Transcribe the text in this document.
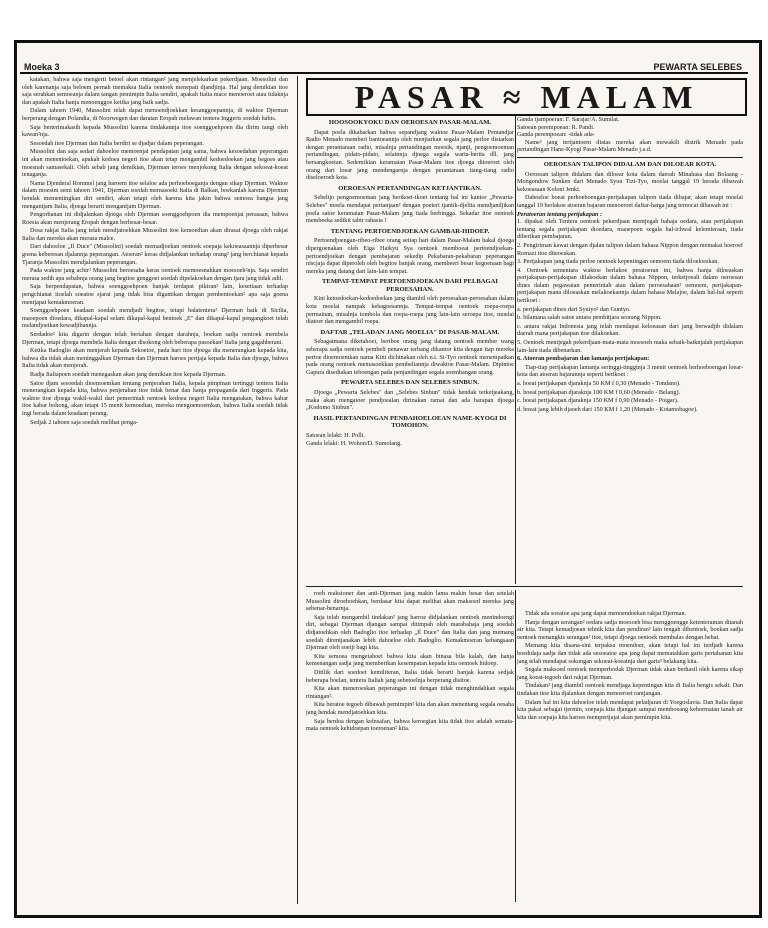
Moeka 3	PEWARTA SELEBES

katakan, bahwa saja mengerti betoel akan rintangan² jang menjelekarkan pekerdjaan. Moesolini dan oleh karenanja saja beloem pernah memaksa Italia oentoek menepati djandjinja. Hal jang demikian itoe saja serahkan semoeanja dalam tangan pemimpin Italia sendiri, apakah Italia mace menoeroet atau tidaknja dan apakah Italia hanja menoenggoe ketika jang baik sadja.

Dalam tahoen 1940, Mussolini telah dapat menoendjoekkan kesanggoepannja, di waktoe Djerman berperang dengan Polandia, di Noorwegen dan daratan Eropah melawan tentera Inggeris soedah habis.

Saja berterimakasih kepada Mussolini karena tindakannja itoe soenggoehpoen dia dirim tangi oleh kawan²nja.

Sesoedah itoe Djerman dan Italia berdiri se djadjar dalam peperangan.

Mussolini dan saja sedari dahoeloe memoenjai pendapatan jang sama, bahwa kesoedahan peperangan ini akan menentoekan, apakah kedoea negeri itoe akan tetap mengambil kedoedoekan jang begoes atau moesnah samasekali. Oleh sebab jang demikian, Djerman teroes menjokong Italia dengan sekoeat-koeat tenaganja.

Nama Djenderal Rommel jang haroem itoe selaloe ada perhoeboeganja dengan sikap Djerman. Waktoe dalam moesim semi tahoen 1941, Djerman soedah memasoeki Italia di Balkan, boekanlah karena Djerman hendak mementingkan diri sendiri, akan tetapi oleh karena kita jakin bahwa semoea bangsa jang mengantjam Italia, djoega berarti mengantjam Djerman.

Pengorbanan ini didjalankan djoega oleh Djerman soenggoehpoen dia mempoenjai perasaan, bahwa Roesia akan menjerang Eropah dengan berbesar-besar.

Dosa rakjat Italia jang telah mendjatoehkan Mussolini itoe kemoedian akan dirasai djoega oleh rakjat Italia dan mereka akan merasa malce.

Dari dahoeloe „Il Duce" (Mussolini) soedah memadjoekan oentoek soepaja kekoeasaannja diperbesar goena keberesan djalannja peperangan. Atoeran² keras didjalankan terhadap orang² jang berchianat kepada Tjaranja Mussolini mendjalankan peperangan.

Pada waktoe jang achir² Mussolini beroesaha keras oentoek memoesnahkan moesoeh²nja. Saja sendiri merasa sedih apa sebabnja orang jang begitoe genggoei soedah dipelakoekan dengan tjara jang tidak adil.

Saja berpendapatan, bahwa soenggoehpoen banjak terdapat pikiran² lain, kesetiaan terhadap pengchianat itoelah soeatoe sjarat jang tidak bisa digantikan dengan pembentoekan² apa saja goena mentjapai kemakmoeran.

Soenggoehpoen keadaan soedah mendjadi begitoe, tetapi balatentera² Djerman baik di Sicilia, maoepoen dioedara, dikapal-kapal selam dikapal-kapal bentoek „E" dan dikapal-kapal pengangkoet telah melandjoetkan kewadjibannja.

Serdadoe² kita digarin dengan telah bertahan dengan darahnja, boekan sadja oentoek membela Djerman, tetapi djoega membela Italia dengan disokong oleh beberapa pasoekan² Italia jang gagahberani.

Ketika Badoglio akan menjerah kepada Sekoetoe, pada hari itoe djoega dia menerangkan kepada kita, bahwa dia tidak akan meninggalkan Djerman dan Djerman haroes pertjaja kepada Italia dan djoega, bahwa Italia tidak akan menjerah.

Radja Italiapoen soedah menegaskan akan jang demikian itoe kepada Djerman.

Satoe djam sesoedah dioemoemkan tentang penjerahan Italia, kepala pimpinan tertinggi tentera Italia menerangkan kepada kita, bahwa penjerahan itoe tidak benar dan hanja propaganda dari Inggeris. Pada waktoe itoe djoega wakil-wakil dari pemerintah oentoek kedoea negeri Italia mengatakan, bahwa kabar itoe kabar bohong, akan tetapi 15 menit kemoedian, mereka mengoemoemkan, bahwa Italia soedah tidak ingi berada dalam keadaan perang.

Sedjak 2 tahoen saja soedah melihat penga-

PASAR ≈ MALAM
HOOSOOKYOKU DAN OEROESAN PASAR-MALAM.

Dapat poela dikabarkan bahwa sepandjang waktoe Pasar-Malam Pemandjar Radio Menado memberi bantoeannja oleh menjiarkan segala jang perloe disiarkan dengan perantaraan radio, misalnja pertandingan moesik, njanji, pengoemoeman pertandingan, pidato-pidato, selainnja djoega segala warta-berita dll. jang bersangkoetan. Sedemikian keramaian Pasar-Malam itoe djoega ditoeroet oleh orang dari loear jang mendengarnja dengan perantaraan tiang-tiang radio diseloeroeh kota.

OEROESAN PERTANDINGAN KETJANTIKAN.

Sebelijo pengoemoeman jang berikoet-ikoet tentang hal ini kantor „Pewarta-Selebes" moela mendapat pertanjaan² dengan poeteri tjantik-djelita mendjandjikan poela satoe keramaian Pasar-Malam jang tiada berbingga. Sekadar itoe oentoek membeeka sedikit tabir rahasia !

TENTANG PERTOENDJOEKAN GAMBAR-HIDOEP.

Pertoendjoengan-ribeo-ribee orang setiap hari dalam Pasar-Malam bakal djoega dipergoenakan oleh Eiga Haikyu Sya oentoek memboeat pertoendjoekan-pertoendjoekan dengan pembajaran sekedip Pekabaran-pekabaran peperangan niscjaja dapat diperoleh oleh begitoe banjak orang, membeeri besar kegoenaan bagi mereka jang datang dari lain-lain tempat.

TEMPAT-TEMPAT PERTOENDJOEKAN DARI PELBAGAI PEROESAHAN.

Kini ketoedoekan-kedoedoekan jang diambil oleh peroesahan-peroesahan dalam kota moelai nampak kebagoesannja. Tempat-tempat oentoek roepa-roepa permainan, misalnja tombola dan roepa-roepa jang lain-lain seroepa itoe, moelai diatoer dan mengambil roepa.

DAFTAR „TELADAN JANG MOELIA" DI PASAR-MALAM.

Sebagaimana diketahoei, beriboe orang jang datang oentoek member wang seberapa sadja oentoek pembeli penawar terbang dikantor kita dengan tiap mereka pertoe dioemoemkan nama Kini dichinakan oleh n.t. Si-Tyo oentoek menempatkan pada orang oentoek memasoekkan pembeliannja diwaktoe Pasar-Malam. Dipintoe Gapura disediakan teboengan pada penjandingan segala soembangan orang.

PEWARTA SELEBES DAN SELEBES SINBUN.

Djoega „Pewarta Selebes" dan „Selebes Sinbun" tidak hendak terketjeakang, maka akan mengatoer pendjoealan dirinakan ramai dan ada harapan djoega „Kodomo Sinbun".

HASIL PERTANDINGAN PENDAHOELOEAN NAME-KYOGI DI TOMOHON.
Satoean lelaki: H. Polli.
Ganda lelaki: H. Wohon/D. Sumolang.
Ganda tjampoeran: F. Sarajar/A. Sumilat.
Satoean perempoean: R. Pandi.
Ganda perempoean: -tidak ada-

Name² jang tertjantoem diatas mereka akan mewakili distrik Menado pada pertandingan Hane-Kyogi Pasar-Malam Menado j.a.d.

OEROESAN TALIPON DIDALAM DAN DILOEAR KOTA.

Oeroesan talipon didalam dan diloear kota dalam daerah Minahasa dan Bolaang - Mongondow Sunken dari Menado Syuu Tizi-Tyo, moelai tanggal 19 berada dibawah kekoeasaan Koloni Jenki.

Dahoeloe boeat perhoeboengan-perijakapan talipon tiada dibajar, akan tetapi moelai tanggal 19 berlakoe atoeran bajaran menoeroet daftar-harga jang ternocat dibawah ini :

Peratoeran tentang pertjakapan :

1. dipakai oleh Tentera oentoek pekerdjaan mentjegah bahaja oedara, atau perijakapan tentang segala perijakapan dioedara, maoepoen segala hal-ichwal kelemieraan, tiada diberikan pembajaran.

2. Pengiriman kawat dengan djalan talipon dalam bahasa Nippon dengan memakai hoeroef Romazi itoe diteoeskan.

3. Pertjakapan jang tiada perloe oentoek kepentingan oemoem tiada diloeloeskan.

4. Oentoek sementara waktoe berlakoe peratoeran ini, bahwa hanja diloeaskan perijakapan-perijakapan dilakoekan dalam bahasa Nippon, terketjoeali dalam oeroesan dines dalam pegawaian pemerintah atau dalam peroesahaan² oemoem, perijakapan-perijakapan mana diloeaskan melakoekannja dalam bahasa Melajoe, dalam hal-hal seperti berikoet :

a. perijakapan dines dari Syuiyo² dan Guntyo.

b. bilamana salah satoe antara pembitjara seorang Nippon.

c. antara rakjat Indonesia jang telah mendapat keloeasan dari jang berwadjib didalam daerah mana perijakapan itoe dilakoekan.

5. Oentoek mentjegah pekerdjaan-mata-mata moesoeh maka sebaik-baiknjalah perijakapan lain-lain tiada dibenarkan.

6. Atoeran pembajaran dan lamanja pertjakapan:

Tiap-tiap perijakapan lamanja seringgi-tingginja 3 menit oentoek berhoeboengan loear-kota dan atoeran bajarannja seperti berikoet :

a. boeat perijakapan djaraknja 50 KM f 0,30 (Menado - Tondano).

b. boeat perijakapan djaraknja 100 KM f 0,60 (Menado - Belang).

c. boeat perijakapan djaraknja 150 KM f 0,90 (Menado - Poigar).

d. boeat jang lebih djaoeh dari 150 KM f 1,20 (Menado - Kotamobagoe).

roeh reaksioner dan anti-Djerman jang makin lama makin besar dan setelah Mussolini diroeboehkan, berdasar kita dapat melihat akan maksoed mereka jang sebenar-benarnja.

Saja telah mengambil tindakan² jang harroe didjalankan oentoek menindoengi diri, sebagai Djerman djangan sampai ditimpah oleh marabahaja jang soedah didjatoehkan oleh Badoglio itoe terhadap „Il Duce" dan Italia dan jang memang soedah direntjanakan lebih dahoeloe oleh Badoglio. Kemakmoeran kebangsaan Djerman oleh soetji bagi kita.

Kita semoea mengetahoei bahwa kita akan binasa bila kalah, dan hanja kemenangan sadja jang memberikan kesempatan kepada kita oentoek hidoep.

Ditilik dari soedoet kemiliteran, Italia tidak berarti banjak karena sedjak beberapa boelan, tentera Italiah jang sebetoelnja berperang disitoe.

Kita akan meneroeskan peperangan ini dengan tidak menghindahkan segala rintangan².

Kita beratoe tegoeh dibawah pemimpin² kita dan akan menentang segala oesaha jang hendak mendjatoehkan kita.

Saja berdoa dengan kelnsafan, bahwa keroegian kita tidak itoe adalah semata-mata oentoek kehidoepan toeroenan² kita.

Tidak ada soeatoe apa jang dapat menoendoekan rakjat Djerman.

Hanja dengan serangan² oedara sadja moesoeh bisa menggoengge ketenteraman ditanah air kita. Tetapi kemadjoean tehnik kita dan pendiran² lain tengah dibentoek, boekan sadja oentoek menangkis serangan² itoe, tetapi djoega oentoek membalas dengan hebat.

Memang kita disana-sini terpaksa moendoer, akan tetapi hal ini terdjadi karena boedidaja sadja dan tidak ada sesoeatoe apa jang dapat mematahkan garis pertahanan kita jang telah mendapat sokongan sekoeat-koeatnja dari garis² belakang kita.

Segala maksoed oentoek memperbodak Djerman tidak akan berhasil oleh karena sikap jang koeat-tegoeh dari rakjat Djerman.

Tindakan² jang diambil oentoek mendjaga kepentingan kita di Italia bengis sekali. Dan tindakan itoe kita djalankan dengan menoeroet rantjangan.

Dalam hal ini kita dahoeloe telah mendapat peladjaran di Yoegoslavia. Dan Italia dapat kita pakai sebagai tjermin, soepaja kita djangan sampai memboeang kehormatan tanah air kita dan soepaja kita haroes mempertjajai akan pemimpin kita.
